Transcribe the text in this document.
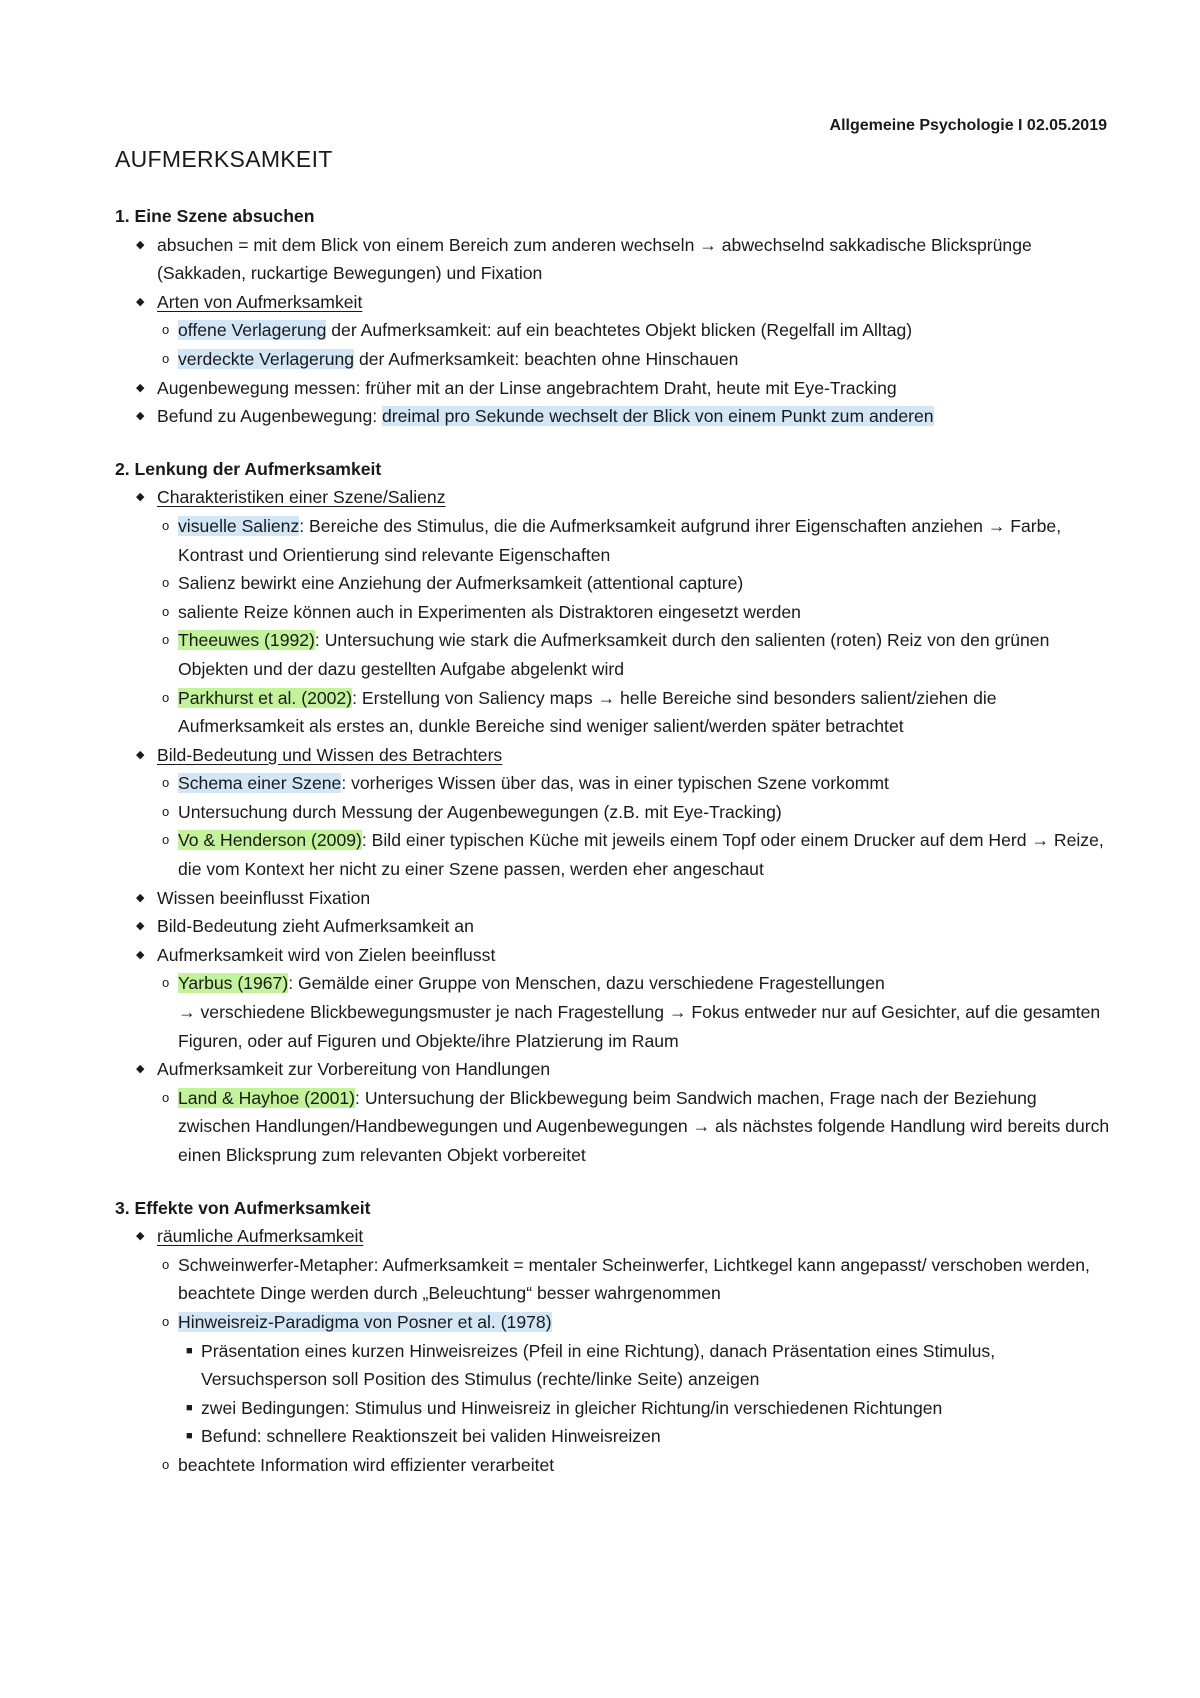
Allgemeine Psychologie I 02.05.2019
AUFMERKSAMKEIT
1. Eine Szene absuchen
◆ absuchen = mit dem Blick von einem Bereich zum anderen wechseln → abwechselnd sakkadische Blicksprünge (Sakkaden, ruckartige Bewegungen) und Fixation
◆ Arten von Aufmerksamkeit
o offene Verlagerung der Aufmerksamkeit: auf ein beachtetes Objekt blicken (Regelfall im Alltag)
o verdeckte Verlagerung der Aufmerksamkeit: beachten ohne Hinschauen
◆ Augenbewegung messen: früher mit an der Linse angebrachtem Draht, heute mit Eye-Tracking
◆ Befund zu Augenbewegung: dreimal pro Sekunde wechselt der Blick von einem Punkt zum anderen
2. Lenkung der Aufmerksamkeit
◆ Charakteristiken einer Szene/Salienz
o visuelle Salienz: Bereiche des Stimulus, die die Aufmerksamkeit aufgrund ihrer Eigenschaften anziehen → Farbe, Kontrast und Orientierung sind relevante Eigenschaften
o Salienz bewirkt eine Anziehung der Aufmerksamkeit (attentional capture)
o saliente Reize können auch in Experimenten als Distraktoren eingesetzt werden
o Theeuwes (1992): Untersuchung wie stark die Aufmerksamkeit durch den salienten (roten) Reiz von den grünen Objekten und der dazu gestellten Aufgabe abgelenkt wird
o Parkhurst et al. (2002): Erstellung von Saliency maps → helle Bereiche sind besonders salient/ziehen die Aufmerksamkeit als erstes an, dunkle Bereiche sind weniger salient/werden später betrachtet
◆ Bild-Bedeutung und Wissen des Betrachters
o Schema einer Szene: vorheriges Wissen über das, was in einer typischen Szene vorkommt
o Untersuchung durch Messung der Augenbewegungen (z.B. mit Eye-Tracking)
o Vo & Henderson (2009): Bild einer typischen Küche mit jeweils einem Topf oder einem Drucker auf dem Herd → Reize, die vom Kontext her nicht zu einer Szene passen, werden eher angeschaut
◆ Wissen beeinflusst Fixation
◆ Bild-Bedeutung zieht Aufmerksamkeit an
◆ Aufmerksamkeit wird von Zielen beeinflusst
o Yarbus (1967): Gemälde einer Gruppe von Menschen, dazu verschiedene Fragestellungen
→ verschiedene Blickbewegungsmuster je nach Fragestellung → Fokus entweder nur auf Gesichter, auf die gesamten Figuren, oder auf Figuren und Objekte/ihre Platzierung im Raum
◆ Aufmerksamkeit zur Vorbereitung von Handlungen
o Land & Hayhoe (2001): Untersuchung der Blickbewegung beim Sandwich machen, Frage nach der Beziehung zwischen Handlungen/Handbewegungen und Augenbewegungen → als nächstes folgende Handlung wird bereits durch einen Blicksprung zum relevanten Objekt vorbereitet
3. Effekte von Aufmerksamkeit
◆ räumliche Aufmerksamkeit
o Schweinwerfer-Metapher: Aufmerksamkeit = mentaler Scheinwerfer, Lichtkegel kann angepasst/ verschoben werden, beachtete Dinge werden durch „Beleuchtung“ besser wahrgenommen
o Hinweisreiz-Paradigma von Posner et al. (1978)
■ Präsentation eines kurzen Hinweisreizes (Pfeil in eine Richtung), danach Präsentation eines Stimulus, Versuchsperson soll Position des Stimulus (rechte/linke Seite) anzeigen
■ zwei Bedingungen: Stimulus und Hinweisreiz in gleicher Richtung/in verschiedenen Richtungen
■ Befund: schnellere Reaktionszeit bei validen Hinweisreizen
o beachtete Information wird effizienter verarbeitet
